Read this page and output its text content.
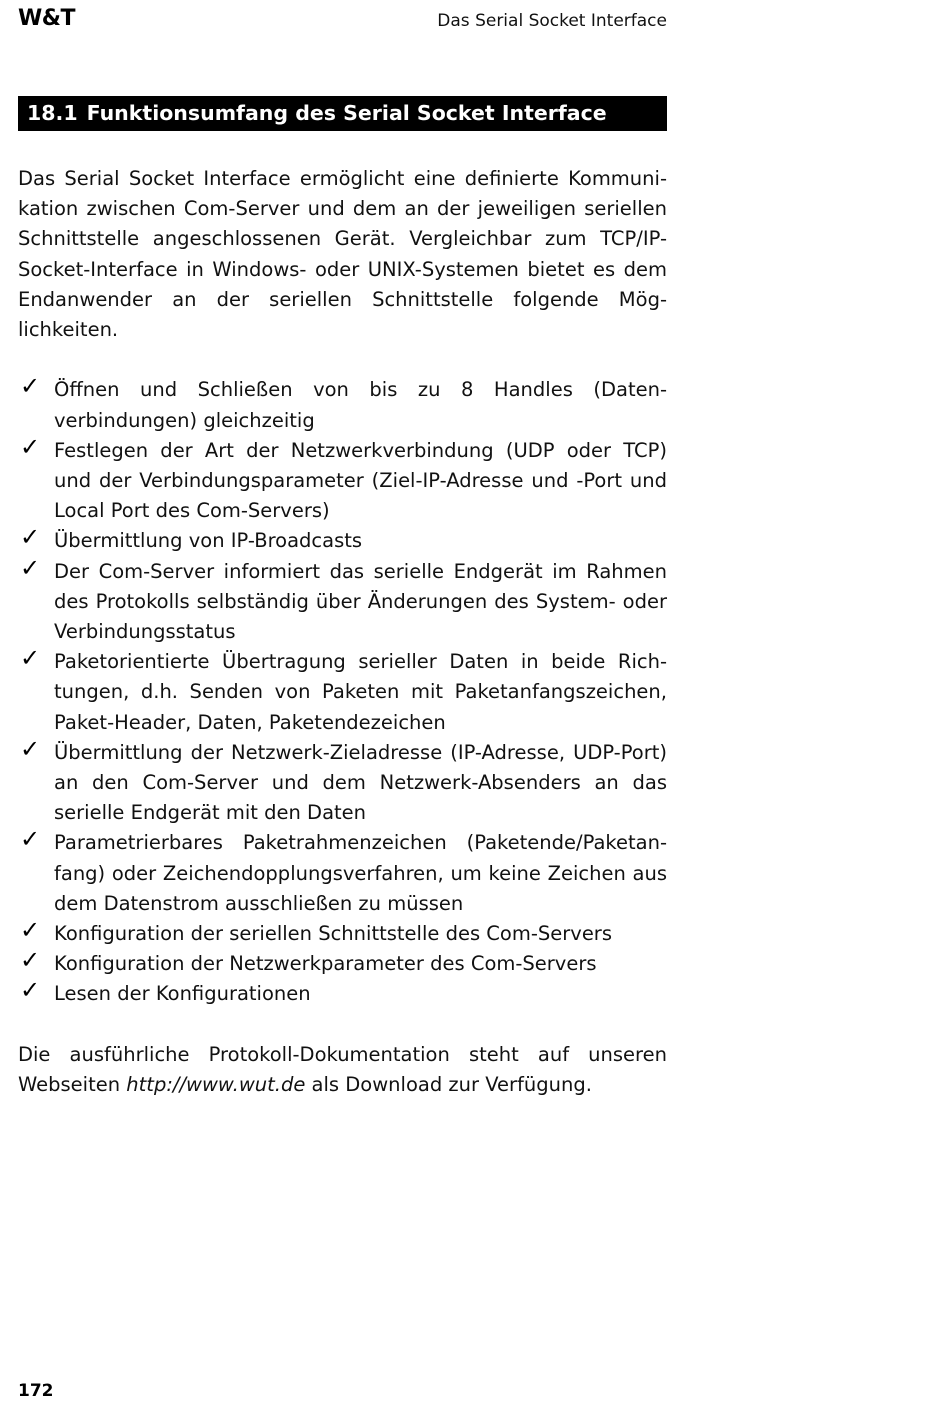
W&T	Das Serial Socket Interface
18.1 Funktionsumfang des Serial Socket Interface

Das Serial Socket Interface ermöglicht eine definierte Kommunikation zwischen Com-Server und dem an der jeweiligen seriellen Schnittstelle angeschlossenen Gerät. Vergleichbar zum TCP/​IP-Socket-Interface in Windows- oder UNIX-Systemen bietet es dem Endanwender an der seriellen Schnittstelle folgende Möglichkeiten.

✓ Öffnen und Schließen von bis zu 8 Handles (Datenverbindungen) gleichzeitig
✓ Festlegen der Art der Netzwerkverbindung (UDP oder TCP) und der Verbindungsparameter (Ziel-IP-Adresse und -Port und Local Port des Com-Servers)
✓ Übermittlung von IP-Broadcasts
✓ Der Com-Server informiert das serielle Endgerät im Rahmen des Protokolls selbständig über Änderungen des System- oder Verbindungsstatus
✓ Paketorientierte Übertragung serieller Daten in beide Richtungen, d.h. Senden von Paketen mit Paketanfangszeichen, Paket-Header, Daten, Paketendezeichen
✓ Übermittlung der Netzwerk-Zieladresse (IP-Adresse, UDP-Port) an den Com-Server und dem Netzwerk-Absenders an das serielle Endgerät mit den Daten
✓ Parametrierbares Paketrahmenzeichen (Paketende/​Paketanfang) oder Zeichendopplungsverfahren, um keine Zeichen aus dem Datenstrom ausschließen zu müssen
✓ Konfiguration der seriellen Schnittstelle des Com-Servers
✓ Konfiguration der Netzwerkparameter des Com-Servers
✓ Lesen der Konfigurationen

Die ausführliche Protokoll-Dokumentation steht auf unseren Webseiten http://www.wut.de als Download zur Verfügung.

172
